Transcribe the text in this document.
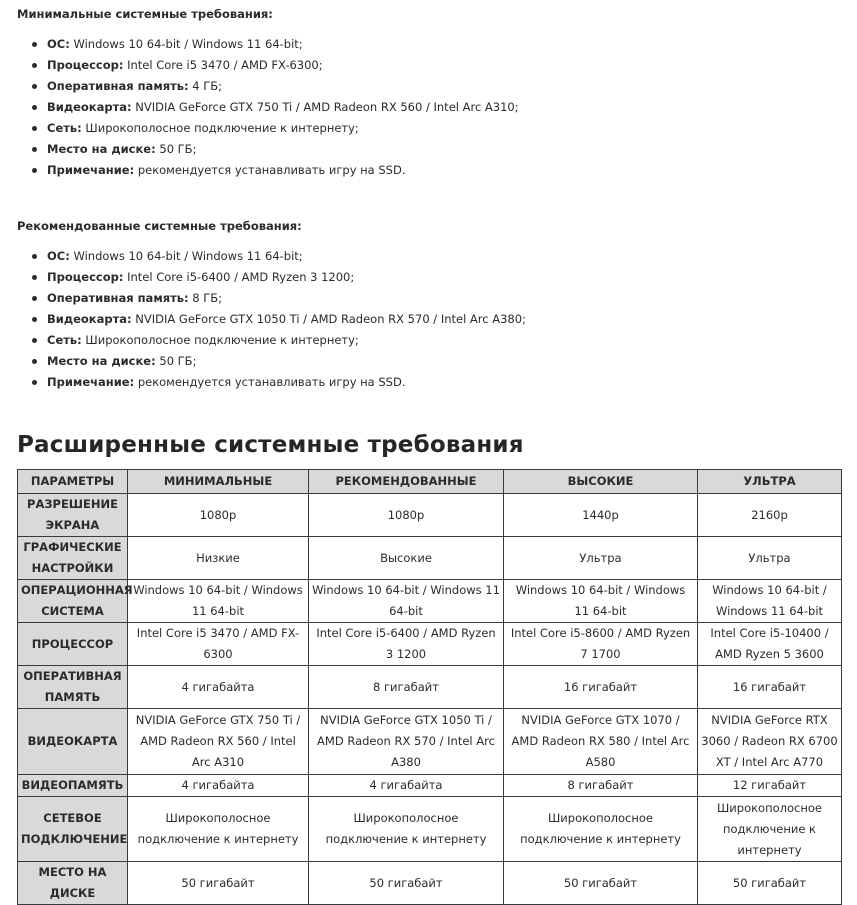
Минимальные системные требования:

ОС: Windows 10 64-bit / Windows 11 64-bit;
Процессор: Intel Core i5 3470 / AMD FX-6300;
Оперативная память: 4 ГБ;
Видеокарта: NVIDIA GeForce GTX 750 Ti / AMD Radeon RX 560 / Intel Arc A310;
Сеть: Широкополосное подключение к интернету;
Место на диске: 50 ГБ;
Примечание: рекомендуется устанавливать игру на SSD.

Рекомендованные системные требования:

ОС: Windows 10 64-bit / Windows 11 64-bit;
Процессор: Intel Core i5-6400 / AMD Ryzen 3 1200;
Оперативная память: 8 ГБ;
Видеокарта: NVIDIA GeForce GTX 1050 Ti / AMD Radeon RX 570 / Intel Arc A380;
Сеть: Широкополосное подключение к интернету;
Место на диске: 50 ГБ;
Примечание: рекомендуется устанавливать игру на SSD.
Расширенные системные требования
ПАРАМЕТРЫ	МИНИМАЛЬНЫЕ	РЕКОМЕНДОВАННЫЕ	ВЫСОКИЕ	УЛЬТРА
РАЗРЕШЕНИЕ ЭКРАНА	1080p	1080p	1440p	2160p
ГРАФИЧЕСКИЕ НАСТРОЙКИ	Низкие	Высокие	Ультра	Ультра
ОПЕРАЦИОННАЯ СИСТЕМА	Windows 10 64-bit / Windows 11 64-bit	Windows 10 64-bit / Windows 11 64-bit	Windows 10 64-bit / Windows 11 64-bit	Windows 10 64-bit / Windows 11 64-bit
ПРОЦЕССОР	Intel Core i5 3470 / AMD FX-6300	Intel Core i5-6400 / AMD Ryzen 3 1200	Intel Core i5-8600 / AMD Ryzen 7 1700	Intel Core i5-10400 / AMD Ryzen 5 3600
ОПЕРАТИВНАЯ ПАМЯТЬ	4 гигабайта	8 гигабайт	16 гигабайт	16 гигабайт
ВИДЕОКАРТА	NVIDIA GeForce GTX 750 Ti / AMD Radeon RX 560 / Intel Arc A310	NVIDIA GeForce GTX 1050 Ti / AMD Radeon RX 570 / Intel Arc A380	NVIDIA GeForce GTX 1070 / AMD Radeon RX 580 / Intel Arc A580	NVIDIA GeForce RTX 3060 / Radeon RX 6700 XT / Intel Arc A770
ВИДЕОПАМЯТЬ	4 гигабайта	4 гигабайта	8 гигабайт	12 гигабайт
СЕТЕВОЕ ПОДКЛЮЧЕНИЕ	Широкополосное подключение к интернету	Широкополосное подключение к интернету	Широкополосное подключение к интернету	Широкополосное подключение к интернету
МЕСТО НА ДИСКЕ	50 гигабайт	50 гигабайт	50 гигабайт	50 гигабайт
